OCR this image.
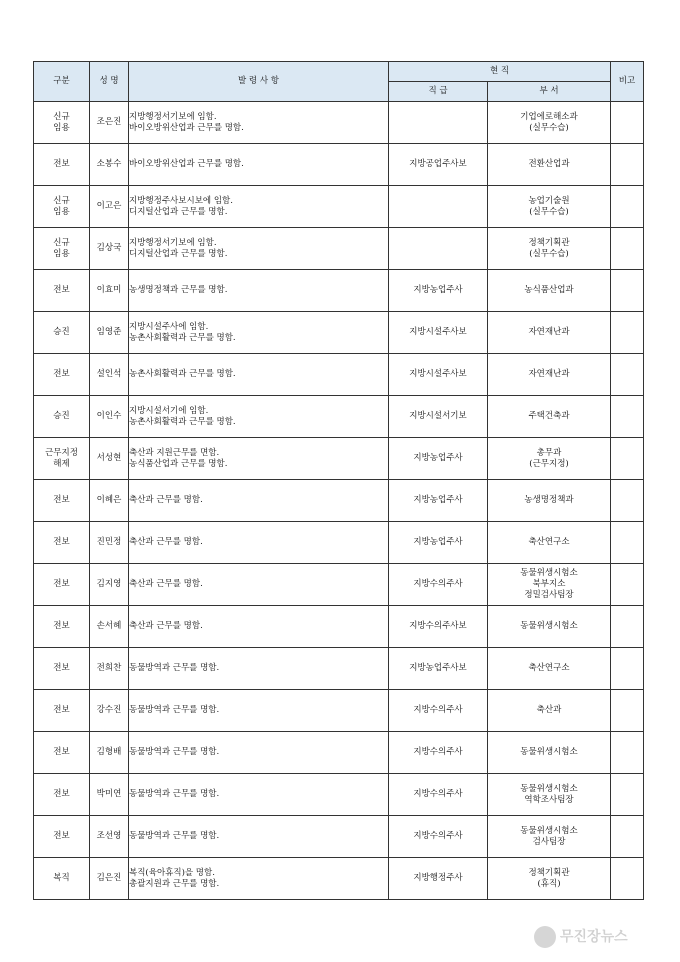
구분	성 명	발 령 사 항	현 직		비고
			직 급	부 서	

신규
임용	조은진	지방행정서기보에 임함.
바이오방위산업과 근무를 명함.		기업에로해소과
(실무수습)	

전보	소봉수	바이오방위산업과 근무를 명함.	지방공업주사보	전환산업과	

신규
임용	이고은	지방행정주사보시보에 임함.
디지털산업과 근무를 명함.		농업기술원
(실무수습)	

신규
임용	김상국	지방행정서기보에 임함.
디지털산업과 근무를 명함.		정책기획관
(실무수습)	

전보	이효미	농생명정책과 근무를 명함.	지방농업주사	농식품산업과	

승진	임영준	지방시설주사에 임함.
농촌사회활력과 근무를 명함.	지방시설주사보	자연재난과	

전보	설인석	농촌사회활력과 근무를 명함.	지방시설주사보	자연재난과	

승진	이인수	지방시설서기에 임함.
농촌사회활력과 근무를 명함.	지방시설서기보	주택건축과	

근무지정
해제	서성현	축산과 지원근무를 면함.
농식품산업과 근무를 명함.	지방농업주사	총무과
(근무지정)	

전보	이혜은	축산과 근무를 명함.	지방농업주사	농생명정책과	

전보	진민정	축산과 근무를 명함.	지방농업주사	축산연구소	

전보	김지영	축산과 근무를 명함.	지방수의주사	동물위생시험소
북부지소
정밀검사팀장	

전보	손서혜	축산과 근무를 명함.	지방수의주사보	동물위생시험소	

전보	전희찬	동물방역과 근무를 명함.	지방농업주사보	축산연구소	

전보	강수진	동물방역과 근무를 명함.	지방수의주사	축산과	

전보	김형배	동물방역과 근무를 명함.	지방수의주사	동물위생시험소	

전보	박미연	동물방역과 근무를 명함.	지방수의주사	동물위생시험소
역학조사팀장	

전보	조선영	동물방역과 근무를 명함.	지방수의주사	동물위생시험소
검사팀장	

복직	김은진	복직(육아휴직)을 명함.
총괄지원과 근무를 명함.	지방행정주사	정책기획관
(휴직)	

무진장뉴스
